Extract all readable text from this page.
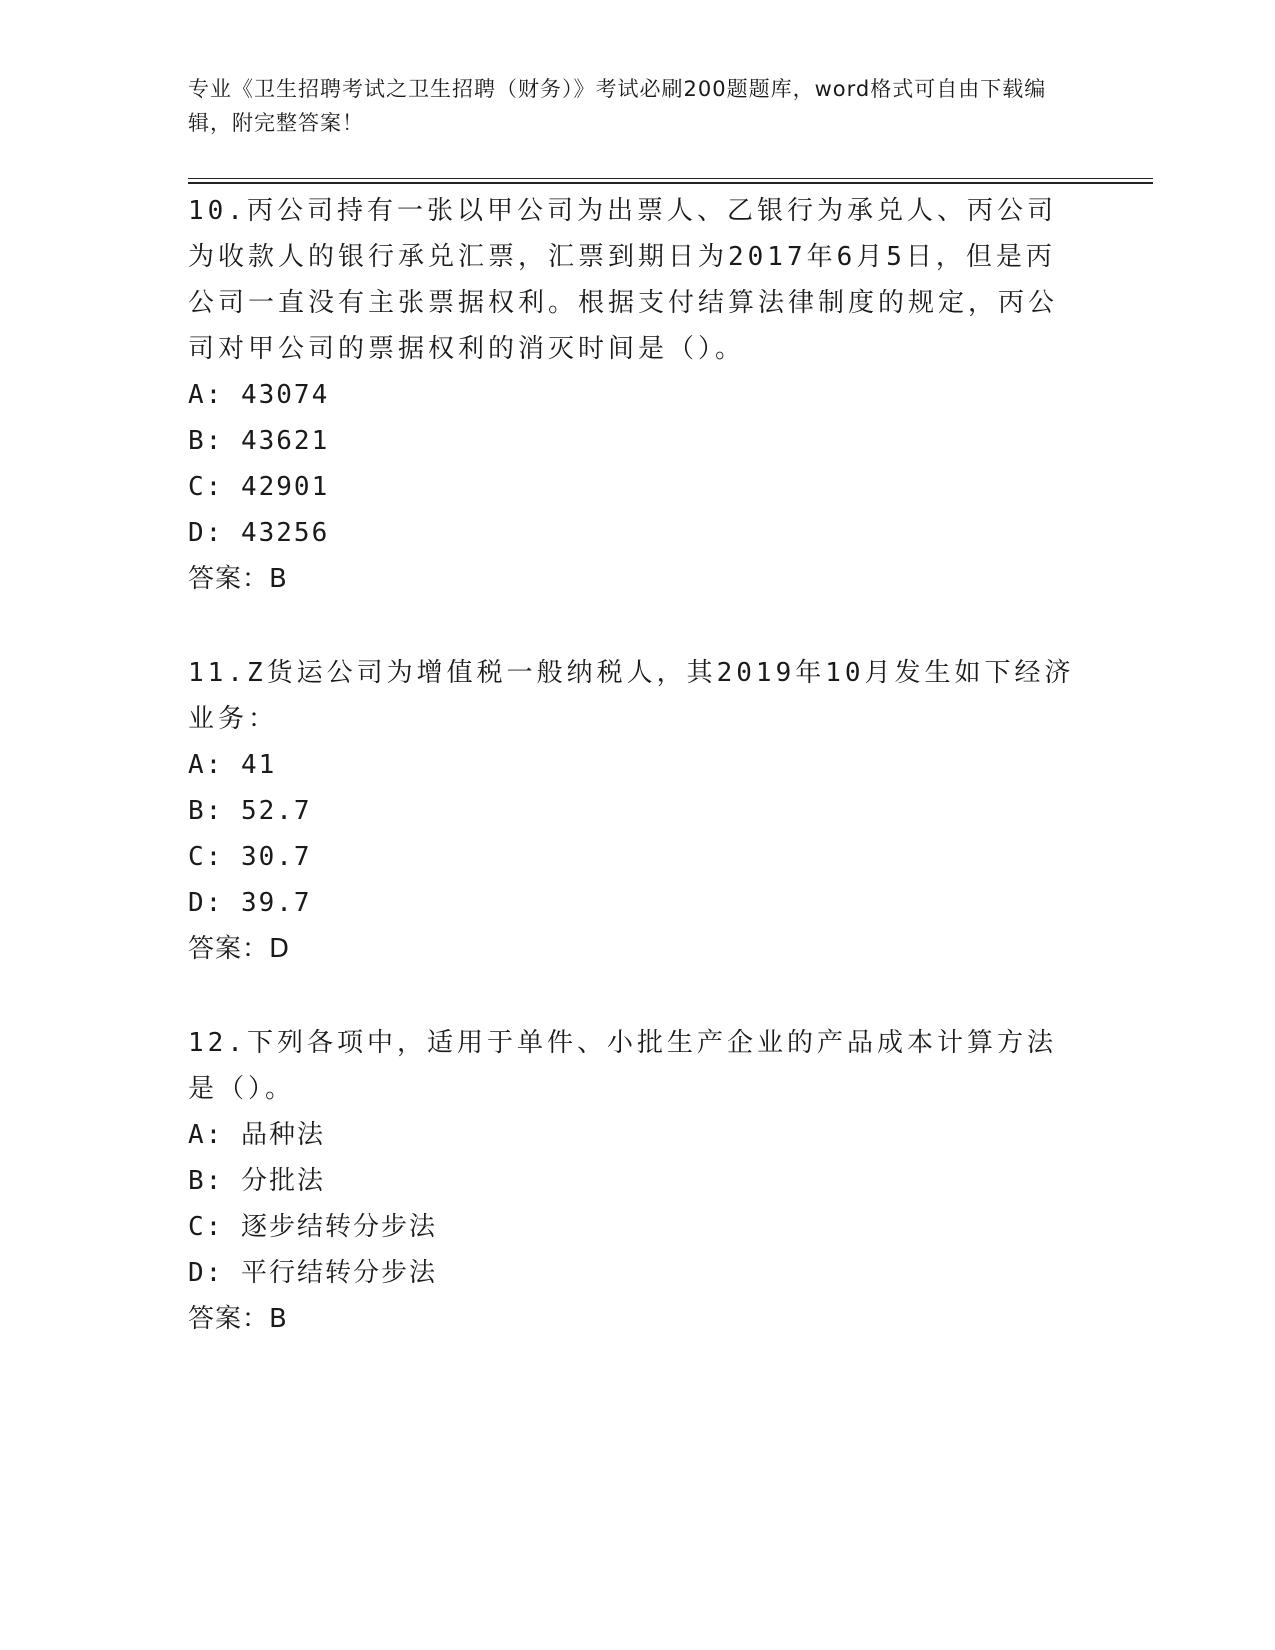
专业《卫生招聘考试之卫生招聘（财务）》考试必刷200题题库，word格式可自由下载编辑，附完整答案！

10.丙公司持有一张以甲公司为出票人、乙银行为承兑人、丙公司为收款人的银行承兑汇票，汇票到期日为2017年6月5日，但是丙公司一直没有主张票据权利。根据支付结算法律制度的规定，丙公司对甲公司的票据权利的消灭时间是（）。

A: 43074

B: 43621

C: 42901

D: 43256

答案：B

11.Z货运公司为增值税一般纳税人，其2019年10月发生如下经济业务：

A: 41

B: 52.7

C: 30.7

D: 39.7

答案：D

12.下列各项中，适用于单件、小批生产企业的产品成本计算方法是（）。

A: 品种法

B: 分批法

C: 逐步结转分步法

D: 平行结转分步法

答案：B
